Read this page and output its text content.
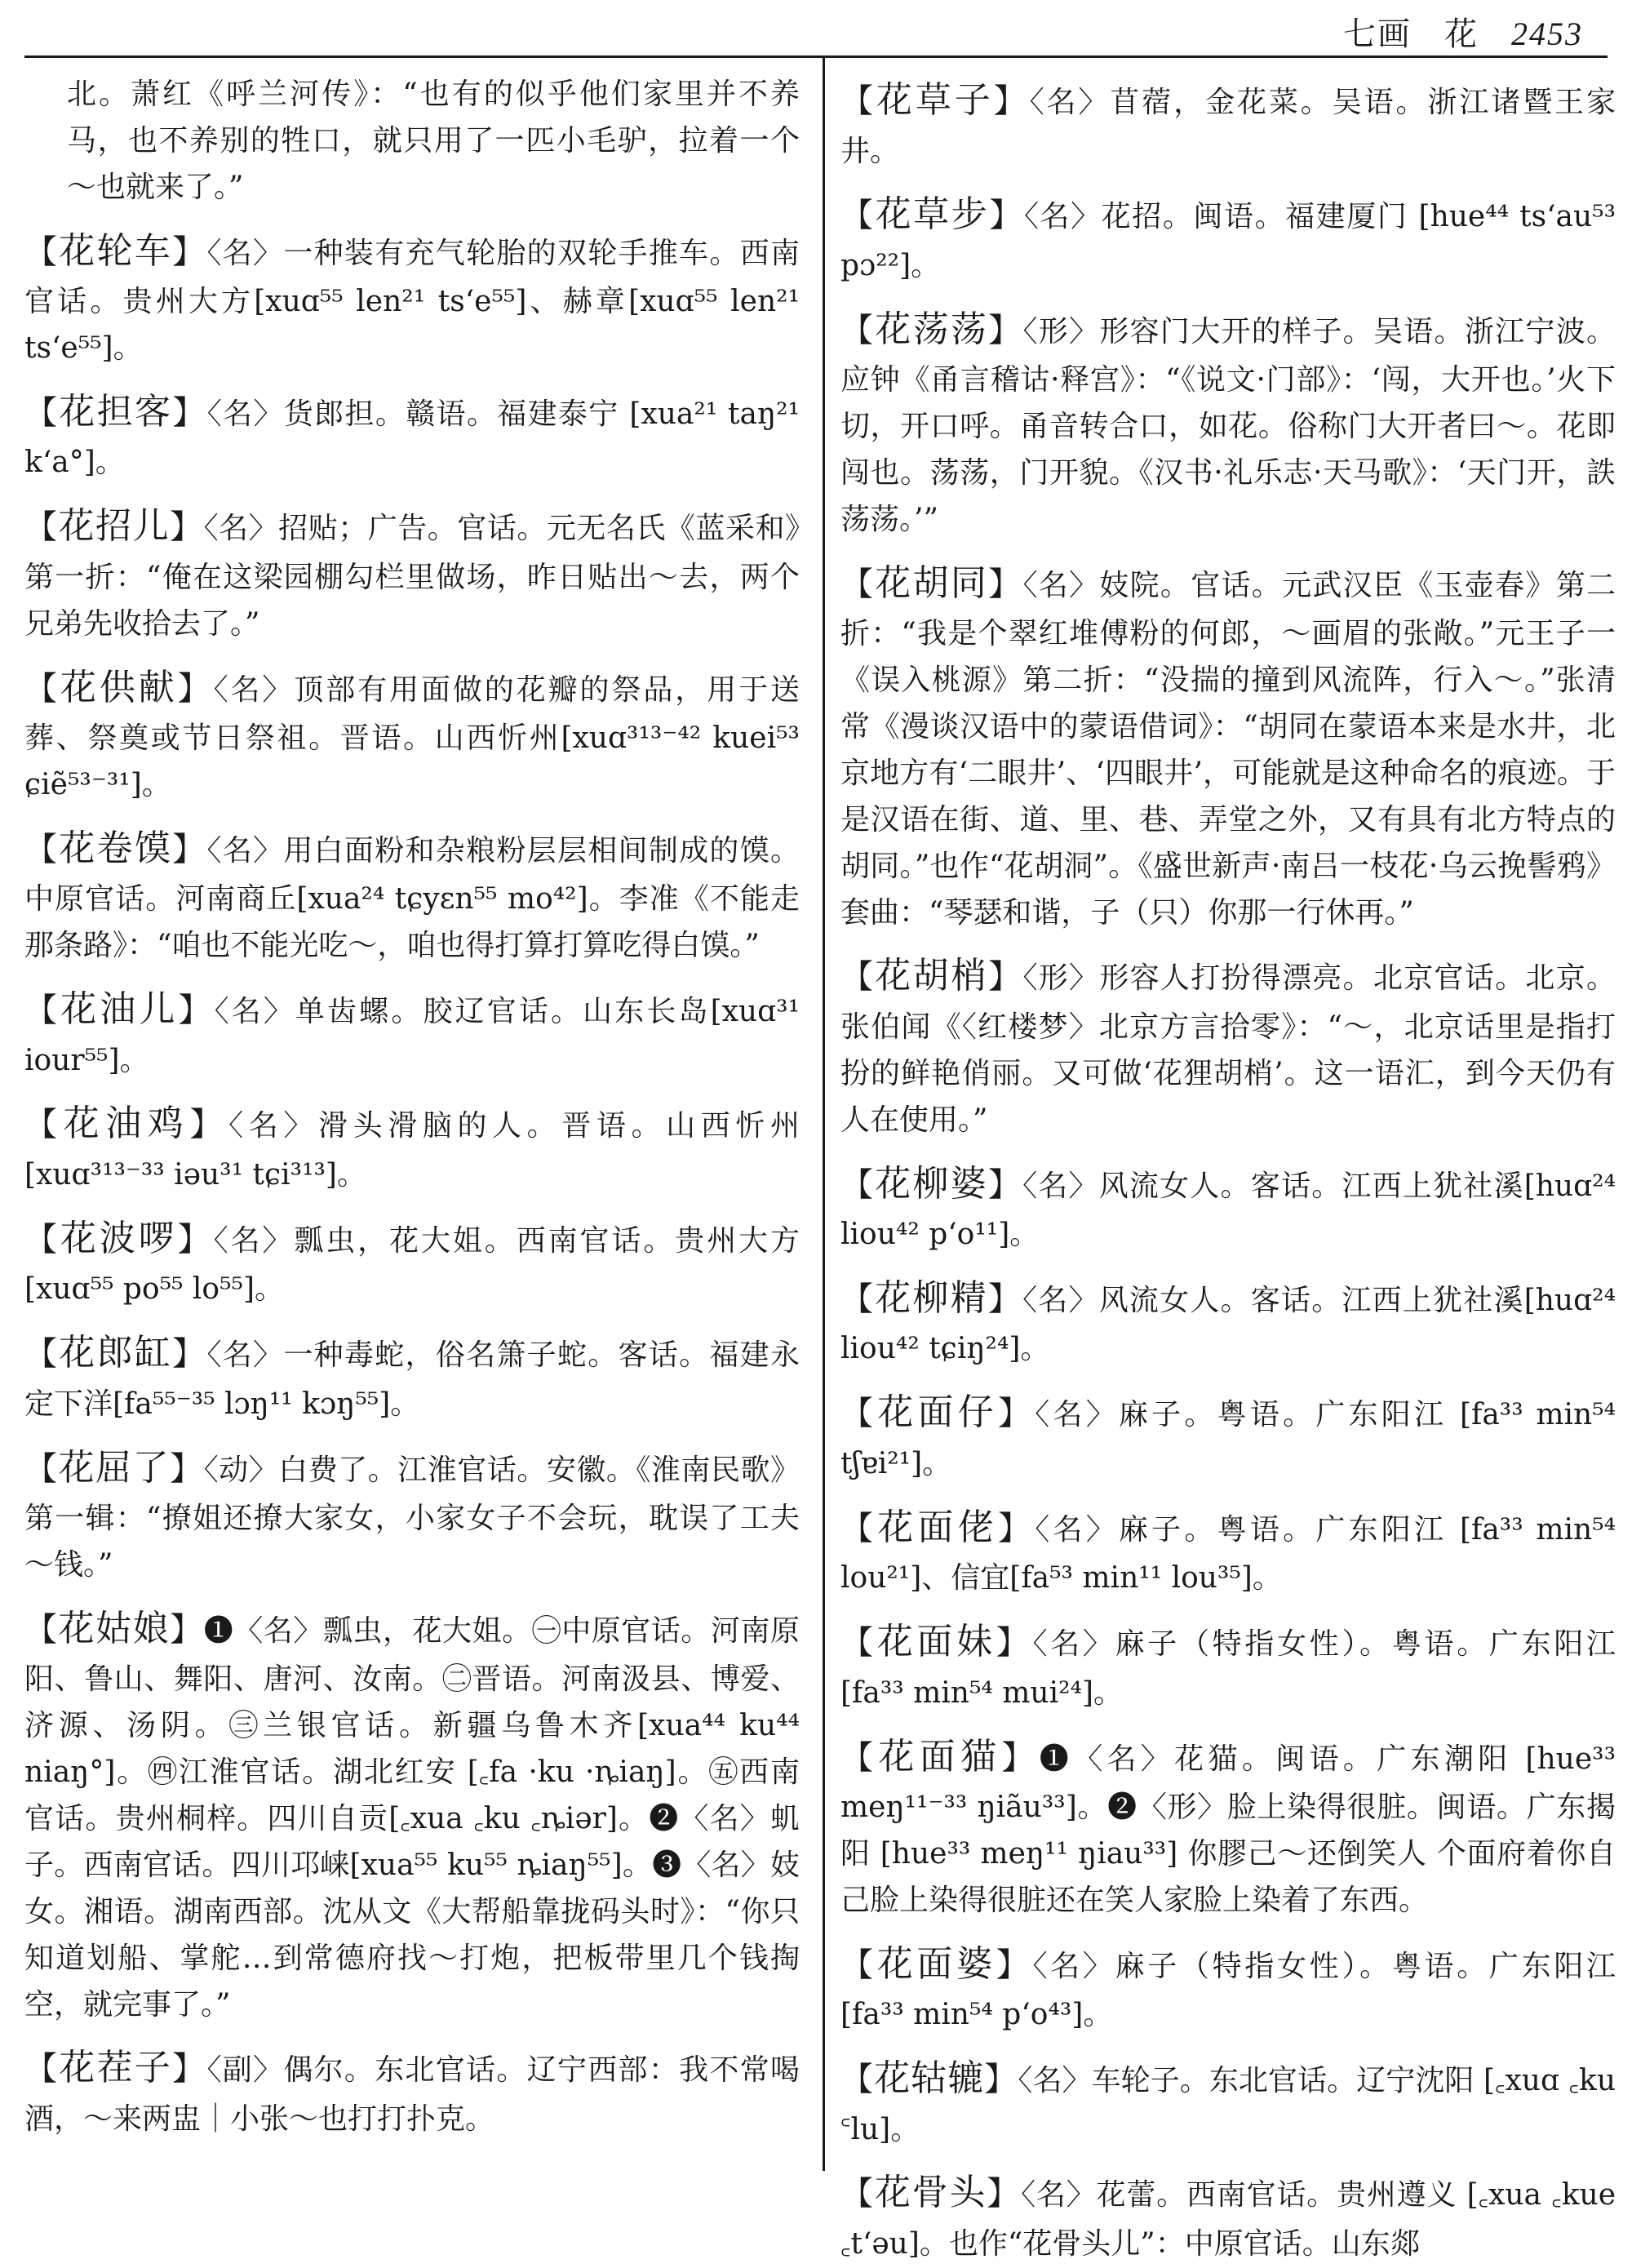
七画 花 2453

北。萧红《呼兰河传》：“也有的似乎他们家里并不养马，也不养别的牲口，就只用了一匹小毛驴，拉着一个～也就来了。”

【花轮车】〈名〉一种装有充气轮胎的双轮手推车。西南官话。贵州大方[xuɑ⁵⁵ len²¹ ts‘e⁵⁵]、赫章[xuɑ⁵⁵ len²¹ ts‘e⁵⁵]。

【花担客】〈名〉货郎担。赣语。福建泰宁 [xua²¹ taŋ²¹ k‘a°]。

【花招儿】〈名〉招贴；广告。官话。元无名氏《蓝采和》第一折：“俺在这梁园棚勾栏里做场，昨日贴出～去，两个兄弟先收拾去了。”

【花供献】〈名〉顶部有用面做的花瓣的祭品，用于送葬、祭奠或节日祭祖。晋语。山西忻州[xuɑ³¹³⁻⁴² kuei⁵³ ɕiẽ⁵³⁻³¹]。

【花卷馍】〈名〉用白面粉和杂粮粉层层相间制成的馍。中原官话。河南商丘[xua²⁴ tɕyɛn⁵⁵ mo⁴²]。李准《不能走那条路》：“咱也不能光吃～，咱也得打算打算吃得白馍。”

【花油儿】〈名〉单齿螺。胶辽官话。山东长岛[xuɑ³¹ iour⁵⁵]。

【花油鸡】〈名〉滑头滑脑的人。晋语。山西忻州[xuɑ³¹³⁻³³ iəu³¹ tɕi³¹³]。

【花波啰】〈名〉瓢虫，花大姐。西南官话。贵州大方[xuɑ⁵⁵ po⁵⁵ lo⁵⁵]。

【花郎缸】〈名〉一种毒蛇，俗名箫子蛇。客话。福建永定下洋[fa⁵⁵⁻³⁵ lɔŋ¹¹ kɔŋ⁵⁵]。

【花屈了】〈动〉白费了。江淮官话。安徽。《淮南民歌》第一辑：“撩姐还撩大家女，小家女子不会玩，耽误了工夫～钱。”

【花姑娘】❶〈名〉瓢虫，花大姐。㊀中原官话。河南原阳、鲁山、舞阳、唐河、汝南。㊁晋语。河南汲县、博爱、济源、汤阴。㊂兰银官话。新疆乌鲁木齐[xua⁴⁴ ku⁴⁴ niaŋ°]。㊃江淮官话。湖北红安 [꜀fa ·ku ·ȵiaŋ]。㊄西南官话。贵州桐梓。四川自贡[꜀xua ꜀ku ꜀ȵiər]。❷〈名〉虮子。西南官话。四川邛崃[xua⁵⁵ ku⁵⁵ ȵiaŋ⁵⁵]。❸〈名〉妓女。湘语。湖南西部。沈从文《大帮船靠拢码头时》：“你只知道划船、掌舵…到常德府找～打炮，把板带里几个钱掏空，就完事了。”

【花茬子】〈副〉偶尔。东北官话。辽宁西部：我不常喝酒，～来两盅｜小张～也打打扑克。

【花草子】〈名〉苜蓿，金花菜。吴语。浙江诸暨王家井。

【花草步】〈名〉花招。闽语。福建厦门 [hue⁴⁴ ts‘au⁵³ pɔ²²]。

【花荡荡】〈形〉形容门大开的样子。吴语。浙江宁波。应钟《甬言稽诂·释宫》：“《说文·门部》：‘闯，大开也。’火下切，开口呼。甬音转合口，如花。俗称门大开者曰～。花即闯也。荡荡，门开貌。《汉书·礼乐志·天马歌》：‘天门开，詄荡荡。’”

【花胡同】〈名〉妓院。官话。元武汉臣《玉壶春》第二折：“我是个翠红堆傅粉的何郎，～画眉的张敞。”元王子一《误入桃源》第二折：“没揣的撞到风流阵，行入～。”张清常《漫谈汉语中的蒙语借词》：“胡同在蒙语本来是水井，北京地方有‘二眼井’、‘四眼井’，可能就是这种命名的痕迹。于是汉语在街、道、里、巷、弄堂之外，又有具有北方特点的胡同。”也作“花胡洞”。《盛世新声·南吕一枝花·乌云挽髻鸦》套曲：“琴瑟和谐，子（只）你那一行休再。”

【花胡梢】〈形〉形容人打扮得漂亮。北京官话。北京。张伯闻《〈红楼梦〉北京方言拾零》：“～，北京话里是指打扮的鲜艳俏丽。又可做‘花狸胡梢’。这一语汇，到今天仍有人在使用。”

【花柳婆】〈名〉风流女人。客话。江西上犹社溪[huɑ²⁴ liou⁴² p‘o¹¹]。

【花柳精】〈名〉风流女人。客话。江西上犹社溪[huɑ²⁴ liou⁴² tɕiŋ²⁴]。

【花面仔】〈名〉麻子。粤语。广东阳江 [fa³³ min⁵⁴ tʃɐi²¹]。

【花面佬】〈名〉麻子。粤语。广东阳江 [fa³³ min⁵⁴ lou²¹]、信宜[fa⁵³ min¹¹ lou³⁵]。

【花面妹】〈名〉麻子（特指女性）。粤语。广东阳江 [fa³³ min⁵⁴ mui²⁴]。

【花面猫】❶〈名〉花猫。闽语。广东潮阳 [hue³³ meŋ¹¹⁻³³ ŋiãu³³]。❷〈形〉脸上染得很脏。闽语。广东揭阳 [hue³³ meŋ¹¹ ŋiau³³] 你膠己～还倒笑人 个面府着你自己脸上染得很脏还在笑人家脸上染着了东西。

【花面婆】〈名〉麻子（特指女性）。粤语。广东阳江 [fa³³ min⁵⁴ p‘o⁴³]。

【花轱辘】〈名〉车轮子。东北官话。辽宁沈阳 [꜀xuɑ ꜀ku ꜂lu]。

【花骨头】〈名〉花蕾。西南官话。贵州遵义 [꜀xua ꜀kue ꜀t‘əu]。也作“花骨头儿”：中原官话。山东郯
